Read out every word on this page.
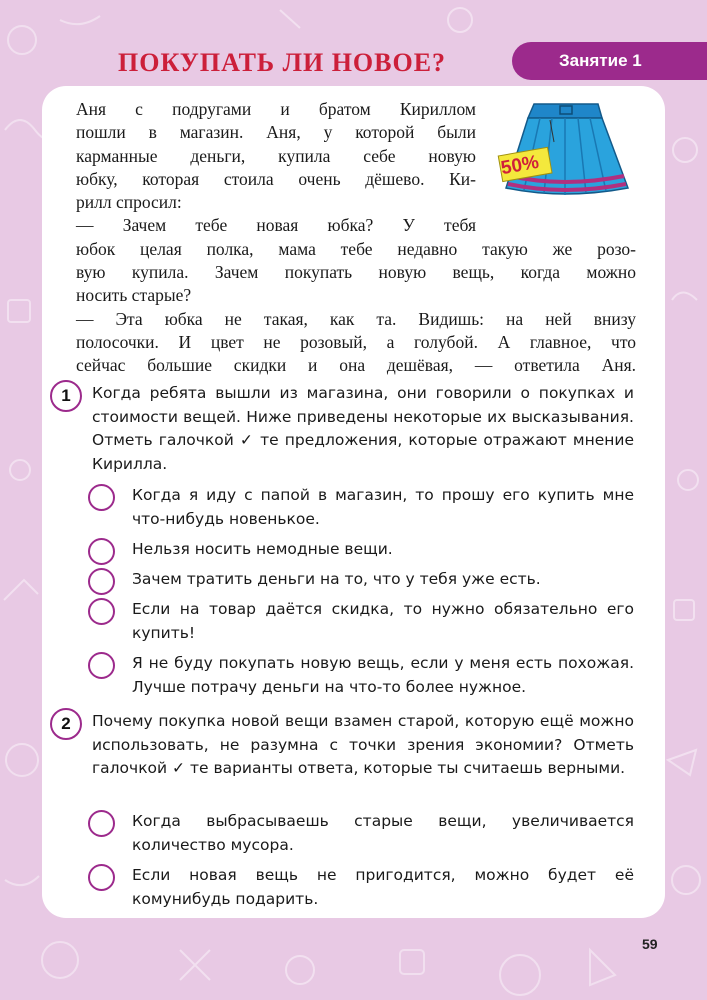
ПОКУПАТЬ ЛИ НОВОЕ?	Занятие 1
50%
Аня с подругами и братом Кириллом
пошли в магазин. Аня, у которой были
карманные деньги, купила себе новую
юбку, которая стоила очень дёшево. Ки-
рилл спросил:
— Зачем тебе новая юбка? У тебя
юбок целая полка, мама тебе недавно такую же розо-
вую купила. Зачем покупать новую вещь, когда можно
носить старые?
— Эта юбка не такая, как та. Видишь: на ней внизу
полосочки. И цвет не розовый, а голубой. А главное, что
сейчас большие скидки и она дешёвая, — ответила Аня.
1	Когда ребята вышли из магазина, они говорили о покупках и стоимости вещей. Ниже приведены некоторые их высказывания. Отметь галочкой ✓ те предложения, которые отражают мнение Кирилла.
Когда я иду с папой в магазин, то прошу его купить мне что-нибудь новенькое.
Нельзя носить немодные вещи.
Зачем тратить деньги на то, что у тебя уже есть.
Если на товар даётся скидка, то нужно обязательно его купить!
Я не буду покупать новую вещь, если у меня есть похожая. Лучше потрачу деньги на что-то более нужное.
2	Почему покупка новой вещи взамен старой, которую ещё можно использовать, не разумна с точки зрения экономии? Отметь галочкой ✓ те варианты ответа, которые ты считаешь верными.
Когда выбрасываешь старые вещи, увеличивается количество мусора.
Если новая вещь не пригодится, можно будет её комунибудь подарить.
59
